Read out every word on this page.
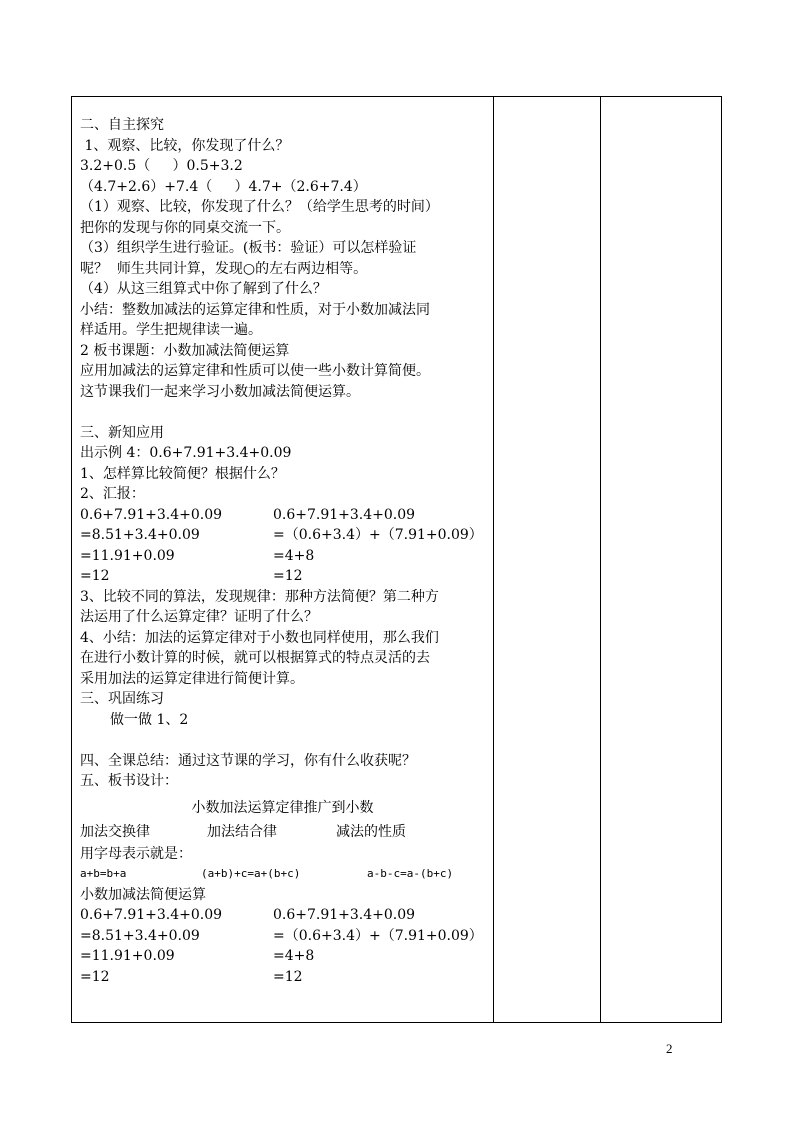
二、自主探究
1、观察、比较，你发现了什么？
3.2+0.5（     ）0.5+3.2
（4.7+2.6）+7.4（     ）4.7+（2.6+7.4）
（1）观察、比较，你发现了什么？（给学生思考的时间）
把你的发现与你的同桌交流一下。
（3）组织学生进行验证。(板书：验证）可以怎样验证
呢？  师生共同计算，发现○的左右两边相等。
（4）从这三组算式中你了解到了什么？
小结：整数加减法的运算定律和性质，对于小数加减法同
样适用。学生把规律读一遍。
2 板书课题：小数加减法简便运算
应用加减法的运算定律和性质可以使一些小数计算简便。
这节课我们一起来学习小数加减法简便运算。
三、新知应用
出示例 4：0.6+7.91+3.4+0.09
1、怎样算比较简便？根据什么？
2、汇报：
0.6+7.91+3.4+0.09	0.6+7.91+3.4+0.09
=8.51+3.4+0.09	=（0.6+3.4）+（7.91+0.09）
=11.91+0.09	=4+8
=12	=12
3、比较不同的算法，发现规律：那种方法简便？第二种方
法运用了什么运算定律？证明了什么？
4、小结：加法的运算定律对于小数也同样使用，那么我们
在进行小数计算的时候，就可以根据算式的特点灵活的去
采用加法的运算定律进行简便计算。
三、巩固练习
做一做 1、2
四、全课总结：通过这节课的学习，你有什么收获呢？
五、板书设计：
小数加法运算定律推广到小数
加法交换律	加法结合律	减法的性质
用字母表示就是：
a+b=b+a	(a+b)+c=a+(b+c)	a-b-c=a-(b+c)
小数加减法简便运算
0.6+7.91+3.4+0.09	0.6+7.91+3.4+0.09
=8.51+3.4+0.09	=（0.6+3.4）+（7.91+0.09）
=11.91+0.09	=4+8
=12	=12

2
